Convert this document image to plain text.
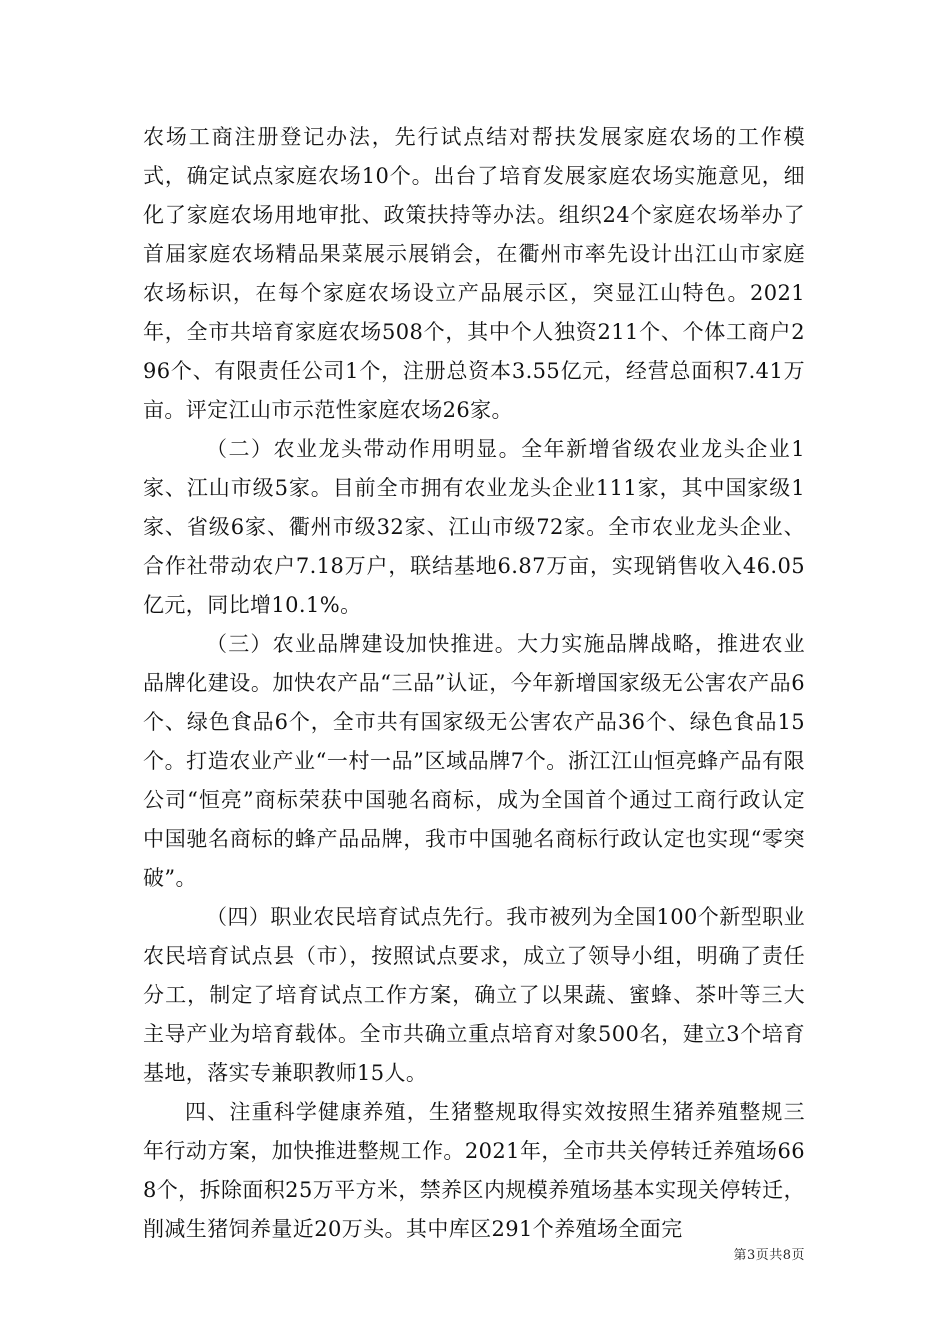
农场工商注册登记办法，先行试点结对帮扶发展家庭农场的工作模式，确定试点家庭农场10个。出台了培育发展家庭农场实施意见，细化了家庭农场用地审批、政策扶持等办法。组织24个家庭农场举办了首届家庭农场精品果菜展示展销会，在衢州市率先设计出江山市家庭农场标识，在每个家庭农场设立产品展示区，突显江山特色。2021年，全市共培育家庭农场508个，其中个人独资211个、个体工商户296个、有限责任公司1个，注册总资本3.55亿元，经营总面积7.41万亩。评定江山市示范性家庭农场26家。

（二）农业龙头带动作用明显。全年新增省级农业龙头企业1家、江山市级5家。目前全市拥有农业龙头企业111家，其中国家级1家、省级6家、衢州市级32家、江山市级72家。全市农业龙头企业、合作社带动农户7.18万户，联结基地6.87万亩，实现销售收入46.05亿元，同比增10.1%。

（三）农业品牌建设加快推进。大力实施品牌战略，推进农业品牌化建设。加快农产品“三品”认证，今年新增国家级无公害农产品6个、绿色食品6个，全市共有国家级无公害农产品36个、绿色食品15个。打造农业产业“一村一品”区域品牌7个。浙江江山恒亮蜂产品有限公司“恒亮”商标荣获中国驰名商标，成为全国首个通过工商行政认定中国驰名商标的蜂产品品牌，我市中国驰名商标行政认定也实现“零突破”。

（四）职业农民培育试点先行。我市被列为全国100个新型职业农民培育试点县（市），按照试点要求，成立了领导小组，明确了责任分工，制定了培育试点工作方案，确立了以果蔬、蜜蜂、茶叶等三大主导产业为培育载体。全市共确立重点培育对象500名，建立3个培育基地，落实专兼职教师15人。

四、注重科学健康养殖，生猪整规取得实效按照生猪养殖整规三年行动方案，加快推进整规工作。2021年，全市共关停转迁养殖场668个，拆除面积25万平方米，禁养区内规模养殖场基本实现关停转迁，削减生猪饲养量近20万头。其中库区291个养殖场全面完

第3页共8页
